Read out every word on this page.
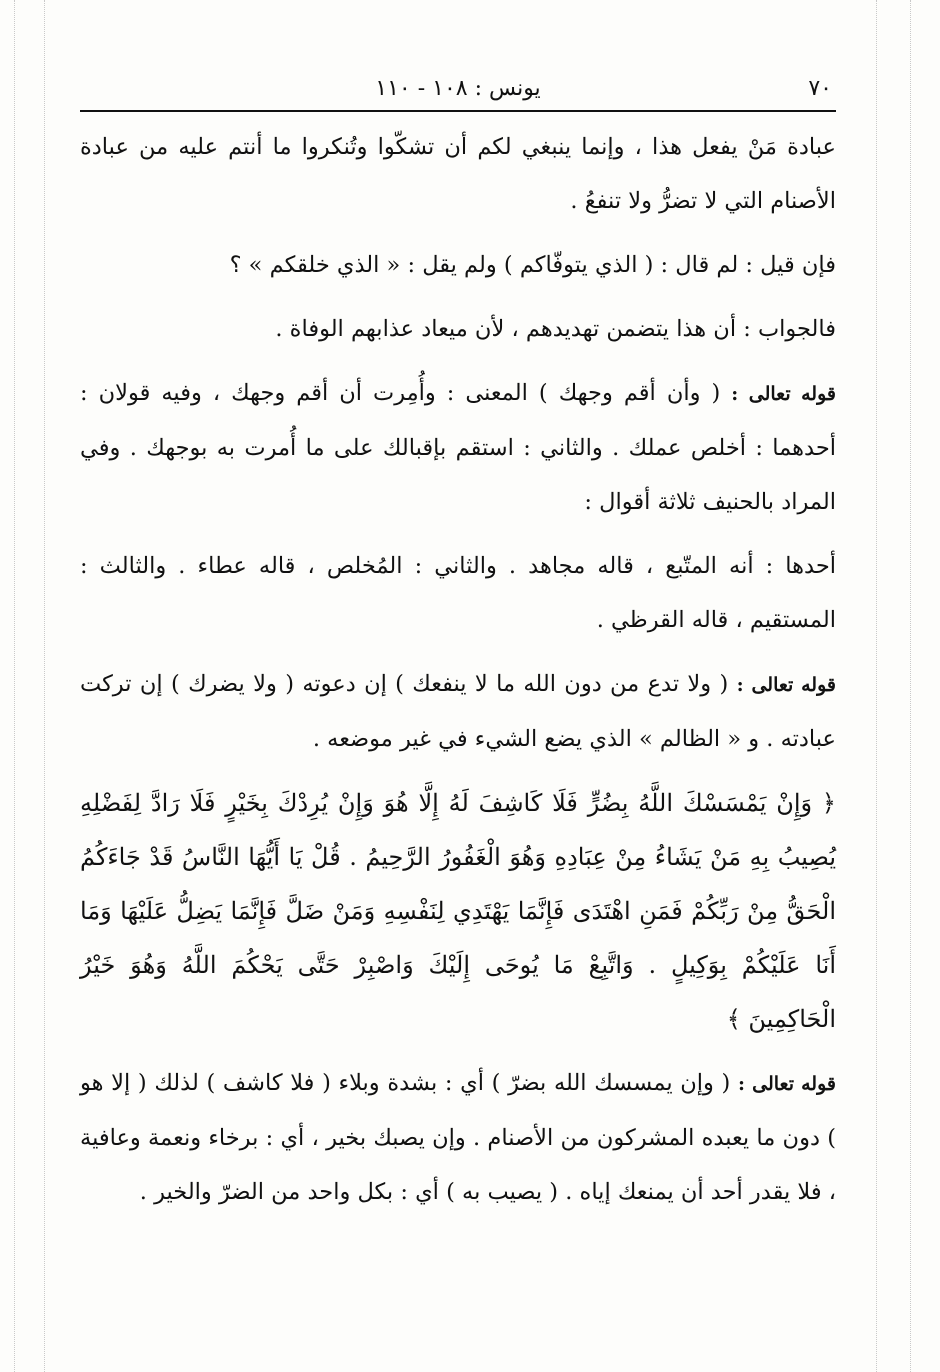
٧٠
يونس : ١٠٨ - ١١٠

عبادة مَنْ يفعل هذا ، وإنما ينبغي لكم أن تشكّوا وتُنكروا ما أنتم عليه من عبادة الأصنام التي لا تضرُّ ولا تنفعُ .

فإن قيل : لم قال : ( الذي يتوفّاكم ) ولم يقل : « الذي خلقكم » ؟

فالجواب : أن هذا يتضمن تهديدهم ، لأن ميعاد عذابهم الوفاة .

قوله تعالى : ( وأن أقم وجهك ) المعنى : وأُمِرت أن أقم وجهك ، وفيه قولان : أحدهما : أخلص عملك . والثاني : استقم بإقبالك على ما أُمرت به بوجهك . وفي المراد بالحنيف ثلاثة أقوال :

أحدها : أنه المتّبع ، قاله مجاهد . والثاني : المُخلص ، قاله عطاء . والثالث : المستقيم ، قاله القرظي .

قوله تعالى : ( ولا تدع من دون الله ما لا ينفعك ) إن دعوته ( ولا يضرك ) إن تركت عبادته . و « الظالم » الذي يضع الشيء في غير موضعه .

﴿ وَإِنْ يَمْسَسْكَ اللَّهُ بِضُرٍّ فَلَا كَاشِفَ لَهُ إِلَّا هُوَ وَإِنْ يُرِدْكَ بِخَيْرٍ فَلَا رَادَّ لِفَضْلِهِ يُصِيبُ بِهِ مَنْ يَشَاءُ مِنْ عِبَادِهِ وَهُوَ الْغَفُورُ الرَّحِيمُ . قُلْ يَا أَيُّهَا النَّاسُ قَدْ جَاءَكُمُ الْحَقُّ مِنْ رَبِّكُمْ فَمَنِ اهْتَدَى فَإِنَّمَا يَهْتَدِي لِنَفْسِهِ وَمَنْ ضَلَّ فَإِنَّمَا يَضِلُّ عَلَيْهَا وَمَا أَنَا عَلَيْكُمْ بِوَكِيلٍ . وَاتَّبِعْ مَا يُوحَى إِلَيْكَ وَاصْبِرْ حَتَّى يَحْكُمَ اللَّهُ وَهُوَ خَيْرُ الْحَاكِمِينَ ﴾

قوله تعالى : ( وإن يمسسك الله بضرّ ) أي : بشدة وبلاء ( فلا كاشف ) لذلك ( إلا هو ) دون ما يعبده المشركون من الأصنام . وإن يصبك بخير ، أي : برخاء ونعمة وعافية ، فلا يقدر أحد أن يمنعك إياه . ( يصيب به ) أي : بكل واحد من الضرّ والخير .
